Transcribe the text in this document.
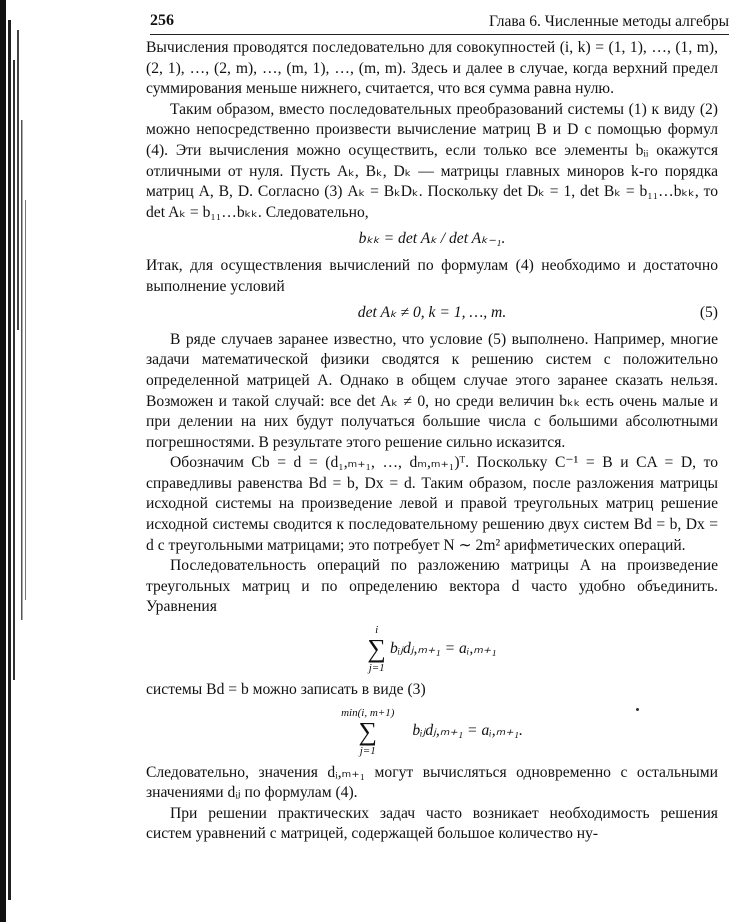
256	Глава 6. Численные методы алгебры

Вычисления проводятся последовательно для совокупностей (i, k) = (1, 1), …, (1, m), (2, 1), …, (2, m), …, (m, 1), …, (m, m). Здесь и далее в случае, когда верхний предел суммирования меньше нижнего, считается, что вся сумма равна нулю.

Таким образом, вместо последовательных преобразований системы (1) к виду (2) можно непосредственно произвести вычисление матриц B и D с помощью формул (4). Эти вычисления можно осуществить, если только все элементы bᵢᵢ окажутся отличными от нуля. Пусть Aₖ, Bₖ, Dₖ — матрицы главных миноров k-го порядка матриц A, B, D. Согласно (3) Aₖ = BₖDₖ. Поскольку det Dₖ = 1, det Bₖ = b₁₁…bₖₖ, то det Aₖ = b₁₁…bₖₖ. Следовательно,

bₖₖ = det Aₖ / det Aₖ₋₁.

Итак, для осуществления вычислений по формулам (4) необходимо и достаточно выполнение условий

det Aₖ ≠ 0, k = 1, …, m.	(5)

В ряде случаев заранее известно, что условие (5) выполнено. Например, многие задачи математической физики сводятся к решению систем с положительно определенной матрицей A. Однако в общем случае этого заранее сказать нельзя. Возможен и такой случай: все det Aₖ ≠ 0, но среди величин bₖₖ есть очень малые и при делении на них будут получаться большие числа с большими абсолютными погрешностями. В результате этого решение сильно исказится.

Обозначим Cb = d = (d₁,ₘ₊₁, …, dₘ,ₘ₊₁)ᵀ. Поскольку C⁻¹ = B и CA = D, то справедливы равенства Bd = b, Dx = d. Таким образом, после разложения матрицы исходной системы на произведение левой и правой треугольных матриц решение исходной системы сводится к последовательному решению двух систем Bd = b, Dx = d с треугольными матрицами; это потребует N ∼ 2m² арифметических операций.

Последовательность операций по разложению матрицы A на произведение треугольных матриц и по определению вектора d часто удобно объединить. Уравнения

i
∑
j=1
bᵢⱼdⱼ,ₘ₊₁ = aᵢ,ₘ₊₁

системы Bd = b можно записать в виде (3)

min(i, m+1)
∑
j=1
bᵢⱼdⱼ,ₘ₊₁ = aᵢ,ₘ₊₁.

Следовательно, значения dᵢ,ₘ₊₁ могут вычисляться одновременно с остальными значениями dᵢⱼ по формулам (4).

При решении практических задач часто возникает необходимость решения систем уравнений с матрицей, содержащей большое количество ну-
